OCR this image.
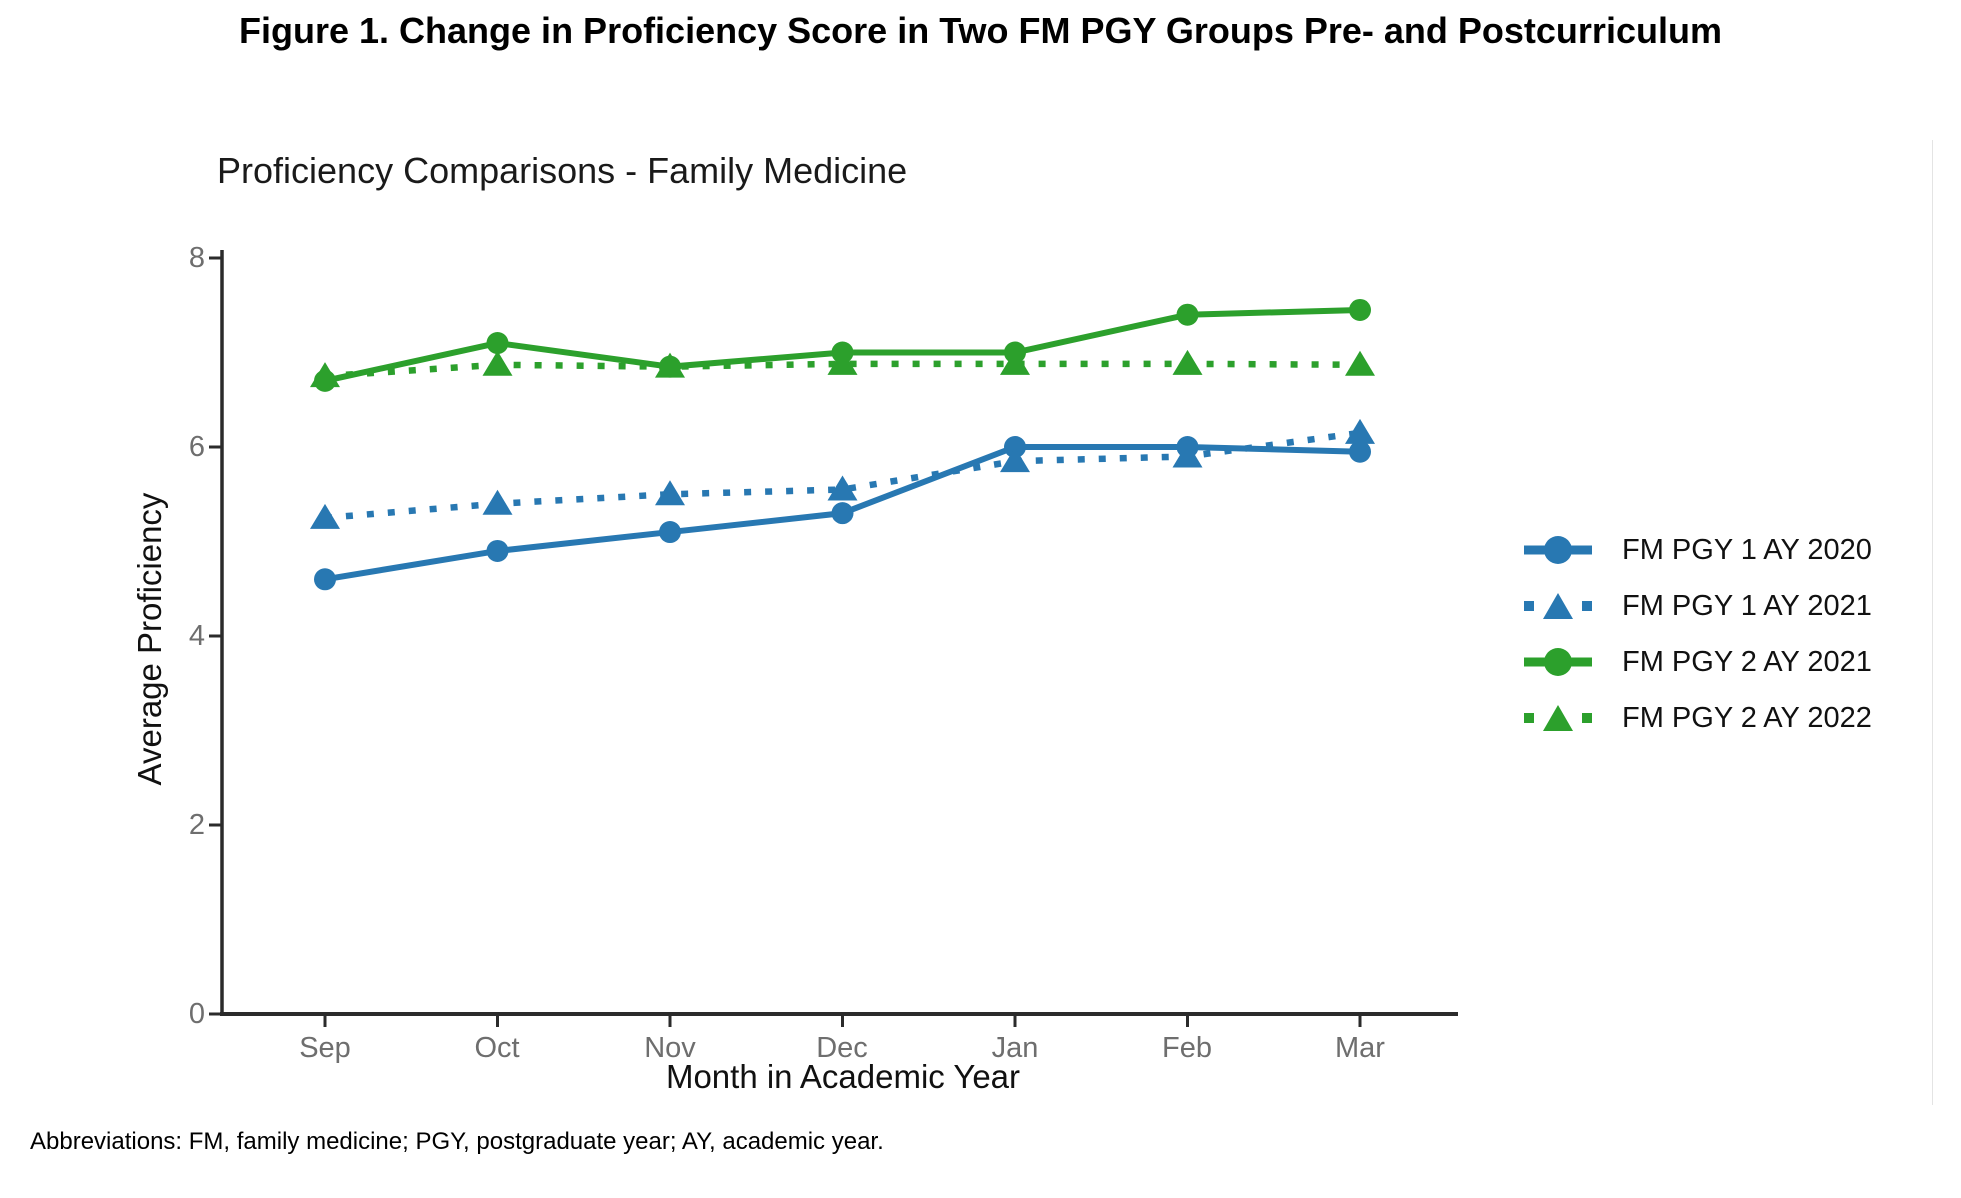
Figure 1. Change in Proficiency Score in Two FM PGY Groups Pre- and Postcurriculum
Proficiency Comparisons - Family Medicine
Average Proficiency
Month in Academic Year
8
6
4
2
0
Sep	Oct	Nov	Dec	Jan	Feb	Mar
FM PGY 1 AY 2020
FM PGY 1 AY 2021
FM PGY 2 AY 2021
FM PGY 2 AY 2022
Abbreviations: FM, family medicine; PGY, postgraduate year; AY, academic year.
